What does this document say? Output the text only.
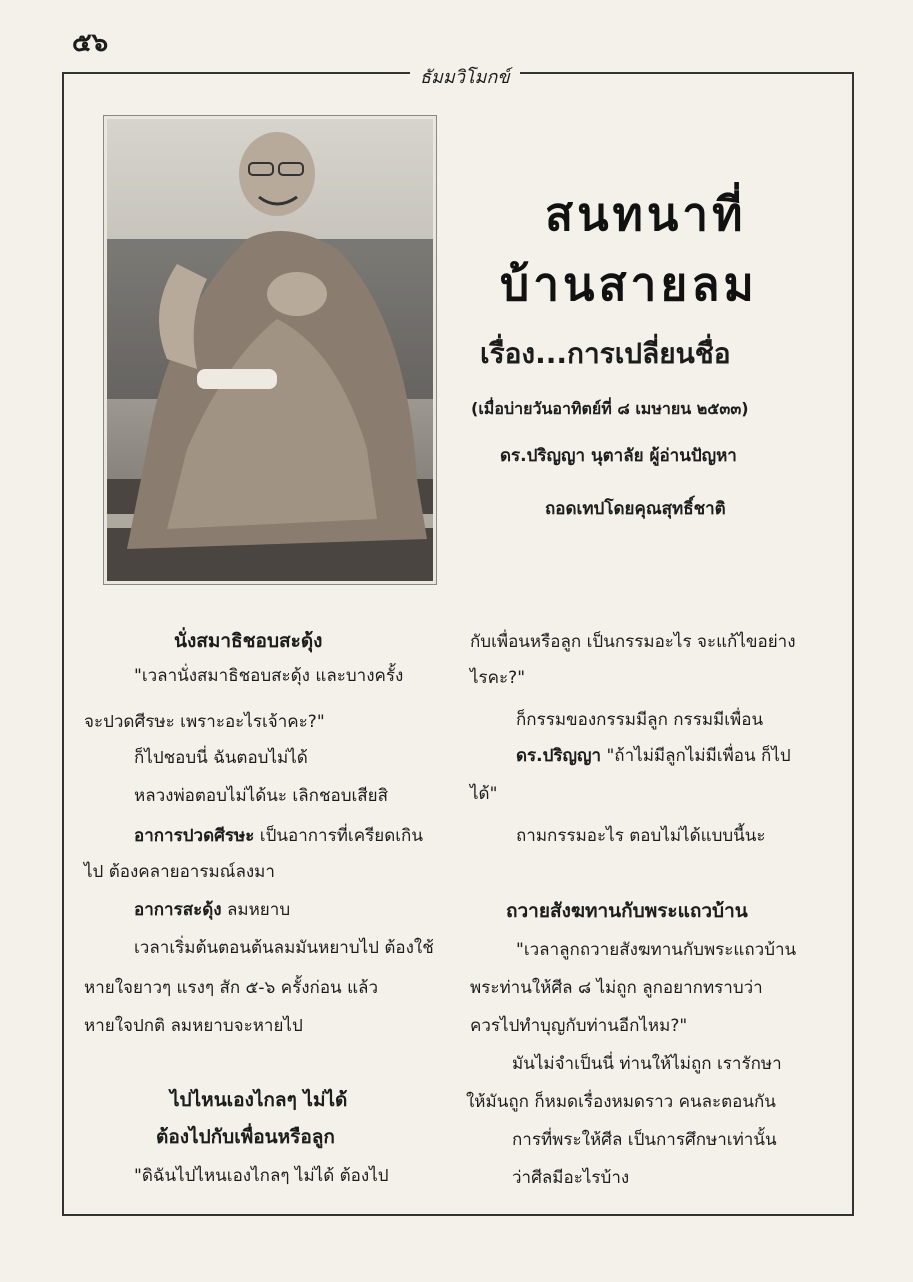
๕๖
ธัมมวิโมกข์
สนทนาที่
บ้านสายลม
เรื่อง...การเปลี่ยนชื่อ
(เมื่อบ่ายวันอาทิตย์ที่ ๘ เมษายน ๒๕๓๓)
ดร.ปริญญา นุตาลัย ผู้อ่านปัญหา
ถอดเทปโดยคุณสุทธิ์ชาติ
นั่งสมาธิชอบสะดุ้ง
"เวลานั่งสมาธิชอบสะดุ้ง และบางครั้ง
จะปวดศีรษะ เพราะอะไรเจ้าคะ?"
ก็ไปชอบนี่ ฉันตอบไม่ได้
หลวงพ่อตอบไม่ได้นะ เลิกชอบเสียสิ
อาการปวดศีรษะ เป็นอาการที่เครียดเกิน
ไป ต้องคลายอารมณ์ลงมา
อาการสะดุ้ง ลมหยาบ
เวลาเริ่มต้นตอนต้นลมมันหยาบไป ต้องใช้
หายใจยาวๆ แรงๆ สัก ๕-๖ ครั้งก่อน แล้ว
หายใจปกติ ลมหยาบจะหายไป
ไปไหนเองไกลๆ ไม่ได้
ต้องไปกับเพื่อนหรือลูก
"ดิฉันไปไหนเองไกลๆ ไม่ได้ ต้องไป
กับเพื่อนหรือลูก เป็นกรรมอะไร จะแก้ไขอย่าง
ไรคะ?"
ก็กรรมของกรรมมีลูก กรรมมีเพื่อน
ดร.ปริญญา "ถ้าไม่มีลูกไม่มีเพื่อน ก็ไป
ได้"
ถามกรรมอะไร ตอบไม่ได้แบบนี้นะ
ถวายสังฆทานกับพระแถวบ้าน
"เวลาลูกถวายสังฆทานกับพระแถวบ้าน
พระท่านให้ศีล ๘ ไม่ถูก ลูกอยากทราบว่า
ควรไปทำบุญกับท่านอีกไหม?"
มันไม่จำเป็นนี่ ท่านให้ไม่ถูก เรารักษา
ให้มันถูก ก็หมดเรื่องหมดราว คนละตอนกัน
การที่พระให้ศีล เป็นการศึกษาเท่านั้น
ว่าศีลมีอะไรบ้าง
